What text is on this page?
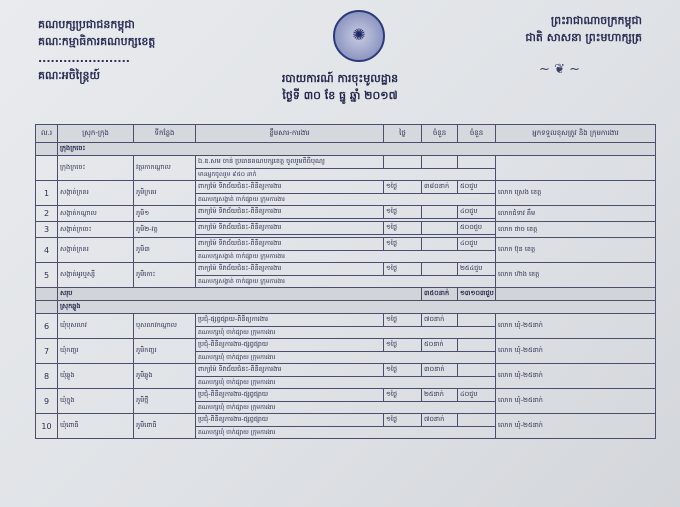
គណបក្សប្រជាជនកម្ពុជា
គណៈកម្មាធិការគណបក្សខេត្ត
......................
គណៈអចិន្ត្រៃយ៍
ព្រះរាជាណាចក្រកម្ពុជា
ជាតិ សាសនា ព្រះមហាក្សត្រ
~ ❦ ~
✺
របាយការណ៍ ការចុះមូលដ្ឋាន
ថ្ងៃទី ៣០ ខែ ធ្នូ ឆ្នាំ ២០១៧
ល.រ	ស្រុក-ក្រុង	ទីកន្លែង	ខ្លឹមសារ-ការងារ	ថ្ងៃ	ចំនួន	ចំនួន	អ្នកទទួលខុសត្រូវ និង ក្រុមការងារ
	ក្រុងក្រចេះ						
	ក្រុងក្រចេះ	វត្តរកាកណ្តាល	ឯ.ឧ.សម ចាន់ ប្រធានគណបក្សខេត្ត ចូលរួមពិធីបុណ្យ				
			មានអ្នកចូលរួម ៩៥០ នាក់				
1	សង្កាត់ក្រគរ	ភូមិក្រគរ	ពាក្យម៉ៃ ទិវាជ័យជំនះ-ពិនិត្យការងារ	១ថ្ងៃ	៣៨០នាក់	៥០ជួប	លោក ស្រេង ខេត្ត
			គណបក្សសង្កាត់ ចាក់ផ្សាយ ក្រុមការងារ				
2	សង្កាត់កណ្តាល	ភូមិ១	ពាក្យម៉ៃ ទិវាជ័យជំនះ-ពិនិត្យការងារ	១ថ្ងៃ		៤០ជួប	លោកជំទាវ គឹម

3	សង្កាត់ក្រចេះ	ភូមិ២-វត្ត	ពាក្យម៉ៃ ទិវាជ័យជំនះ-ពិនិត្យការងារ	១ថ្ងៃ		៥០០ជួប	លោក ថាច ខេត្ត

4	សង្កាត់ក្រគរ	ភូមិ៣	ពាក្យម៉ៃ ទិវាជ័យជំនះ-ពិនិត្យការងារ	១ថ្ងៃ		៤០ជួប	លោក ប៊ុន ខេត្ត
			គណបក្សសង្កាត់ ចាក់ផ្សាយ ក្រុមការងារ				
5	សង្កាត់អូរឬស្សី	ភូមិកោះ	ពាក្យម៉ៃ ទិវាជ័យជំនះ-ពិនិត្យការងារ	១ថ្ងៃ		២៥៤ជួប	លោក ហ៊ាង ខេត្ត
			គណបក្សសង្កាត់ ចាក់ផ្សាយ ក្រុមការងារ				
	សរុប				៣៥០នាក់	១៣១០៣ជួប	
	ស្រុកឆ្លូង						
6	ឃុំបុសលាវ	បុសលាវកណ្តាល	ប្រជុំ-ផ្សព្វផ្សាយ-ពិនិត្យការងារ	១ថ្ងៃ	៧០នាក់		លោក ឃុំ-២៥នាក់
			គណបក្សឃុំ ចាក់ផ្សាយ ក្រុមការងារ				
7	ឃុំកញ្ចរ	ភូមិកញ្ចរ	ប្រជុំ-ពិនិត្យការងារ-ផ្សព្វផ្សាយ	១ថ្ងៃ	៥០នាក់		លោក ឃុំ-២៥នាក់
			គណបក្សឃុំ ចាក់ផ្សាយ ក្រុមការងារ				
8	ឃុំឆ្លូង	ភូមិឆ្លូង	ពាក្យម៉ៃ ទិវាជ័យជំនះ-ពិនិត្យការងារ	១ថ្ងៃ	៣០នាក់		លោក ឃុំ-២៥នាក់
			គណបក្សឃុំ ចាក់ផ្សាយ ក្រុមការងារ				
9	ឃុំក្នុង	ភូមិថ្មី	ប្រជុំ-ពិនិត្យការងារ-ផ្សព្វផ្សាយ	១ថ្ងៃ	២៥នាក់	៤០ជួប	លោក ឃុំ-២៥នាក់
			គណបក្សឃុំ ចាក់ផ្សាយ ក្រុមការងារ				
10	ឃុំពោធិ	ភូមិពោធិ	ប្រជុំ-ពិនិត្យការងារ-ផ្សព្វផ្សាយ	១ថ្ងៃ	៧០នាក់		លោក ឃុំ-២៥នាក់
			គណបក្សឃុំ ចាក់ផ្សាយ ក្រុមការងារ				
